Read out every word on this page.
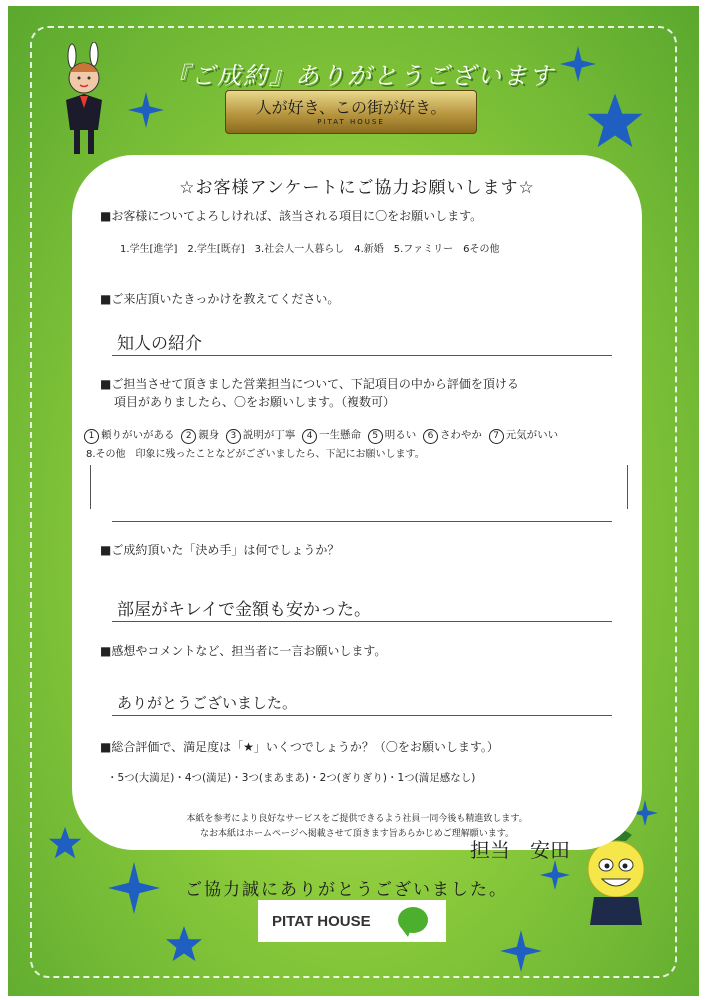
『ご成約』ありがとうございます
人が好き、この街が好き。
PITAT HOUSE
☆お客様アンケートにご協力お願いします☆
■お客様についてよろしければ、該当される項目に〇をお願いします。
1.学生[進学]　2.学生[既存]　3.社会人一人暮らし　4.新婚　5.ファミリー　6その他
■ご来店頂いたきっかけを教えてください。
知人の紹介
■ご担当させて頂きました営業担当について、下記項目の中から評価を頂ける
項目がありましたら、〇をお願いします。（複数可）
1 頼りがいがある 2 親身 3 説明が丁寧 4 一生懸命 5 明るい 6 さわやか 7 元気がいい
8.その他　印象に残ったことなどがございましたら、下記にお願いします。
■ご成約頂いた「決め手」は何でしょうか？
部屋がキレイで金額も安かった。
■感想やコメントなど、担当者に一言お願いします。
ありがとうございました。
■総合評価で、満足度は「★」いくつでしょうか？（〇をお願いします。）
・5つ(大満足)・4つ(満足)・3つ(まあまあ)・2つ(ぎりぎり)・1つ(満足感なし)
本紙を参考により良好なサービスをご提供できるよう社員一同今後も精進致します。
なお本紙はホームページへ掲載させて頂きます旨あらかじめご理解願います。
担当　安田
ご協力誠にありがとうございました。
PITAT HOUSE
